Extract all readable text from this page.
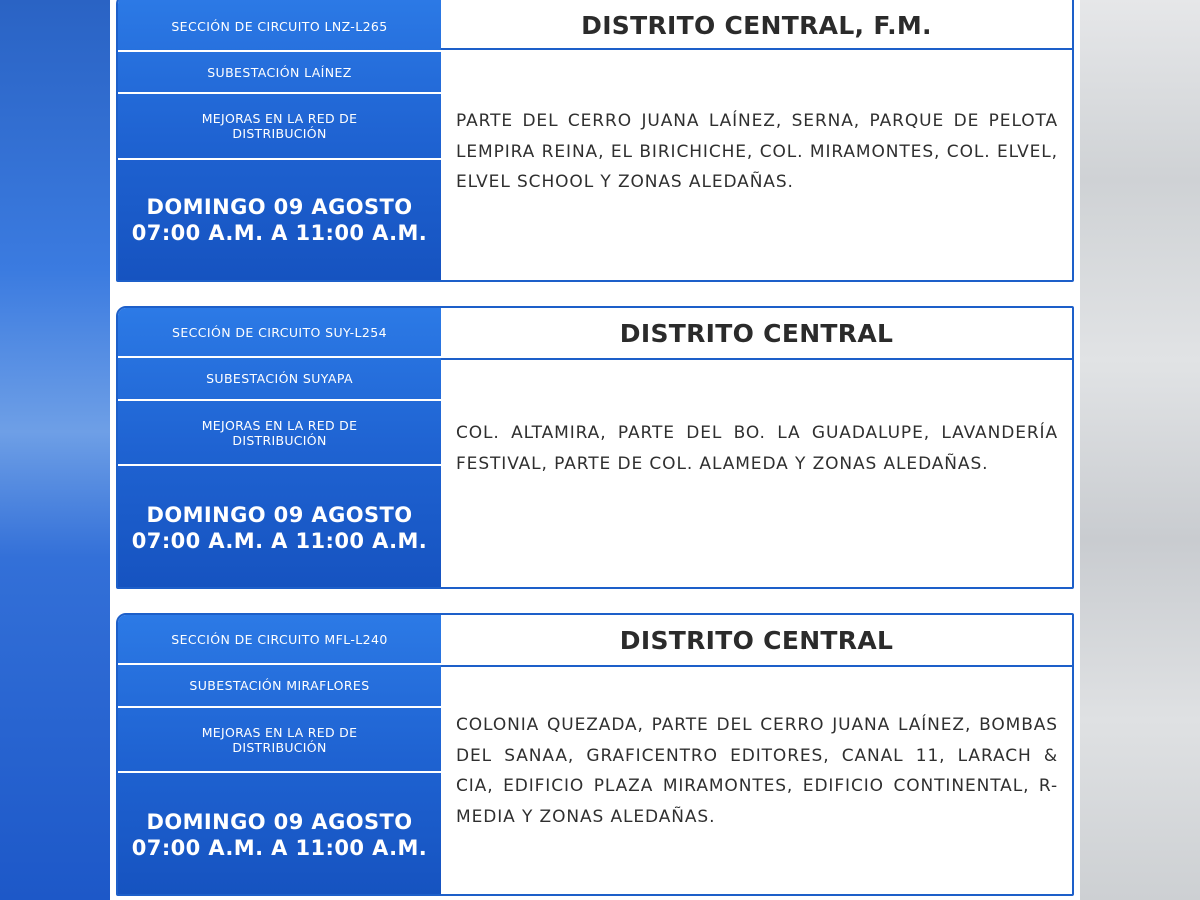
SECCIÓN DE CIRCUITO LNZ-L265
SUBESTACIÓN LAÍNEZ
MEJORAS EN LA RED DE DISTRIBUCIÓN
DOMINGO 09 AGOSTO
07:00 A.M. A 11:00 A.M.
DISTRITO CENTRAL, F.M.
PARTE DEL CERRO JUANA LAÍNEZ, SERNA, PARQUE DE PELOTA LEMPIRA REINA, EL BIRICHICHE, COL. MIRAMONTES, COL. ELVEL, ELVEL SCHOOL Y ZONAS ALEDAÑAS.
SECCIÓN DE CIRCUITO SUY-L254
SUBESTACIÓN SUYAPA
MEJORAS EN LA RED DE DISTRIBUCIÓN
DOMINGO 09 AGOSTO
07:00 A.M. A 11:00 A.M.
DISTRITO CENTRAL
COL. ALTAMIRA, PARTE DEL BO. LA GUADALUPE, LAVANDERÍA FESTIVAL, PARTE DE COL. ALAMEDA Y ZONAS ALEDAÑAS.
SECCIÓN DE CIRCUITO MFL-L240
SUBESTACIÓN MIRAFLORES
MEJORAS EN LA RED DE DISTRIBUCIÓN
DOMINGO 09 AGOSTO
07:00 A.M. A 11:00 A.M.
DISTRITO CENTRAL
COLONIA QUEZADA, PARTE DEL CERRO JUANA LAÍNEZ, BOMBAS DEL SANAA, GRAFICENTRO EDITORES, CANAL 11, LARACH & CIA, EDIFICIO PLAZA MIRAMONTES, EDIFICIO CONTINENTAL, R-MEDIA Y ZONAS ALEDAÑAS.
